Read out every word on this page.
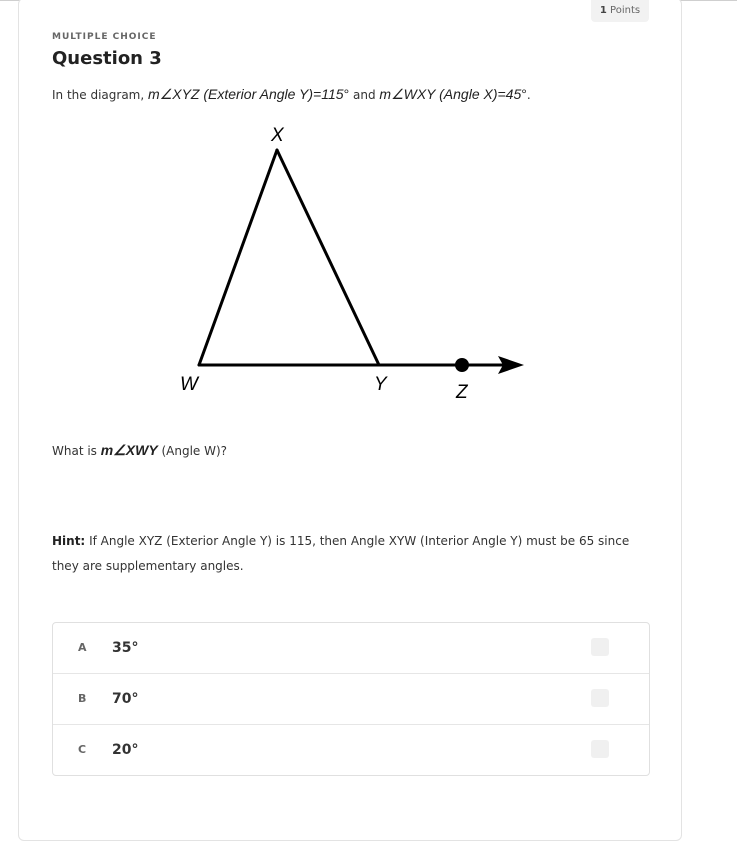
1 Points
MULTIPLE CHOICE
Question 3
In the diagram, m∠XYZ (Exterior Angle Y)=115° and m∠WXY (Angle X)=45°.
X
W	Y	Z
What is m∠XWY (Angle W)?
Hint: If Angle XYZ (Exterior Angle Y) is 115, then Angle XYW (Interior Angle Y) must be 65 since they are supplementary angles.
A 35°
B 70°
C 20°
